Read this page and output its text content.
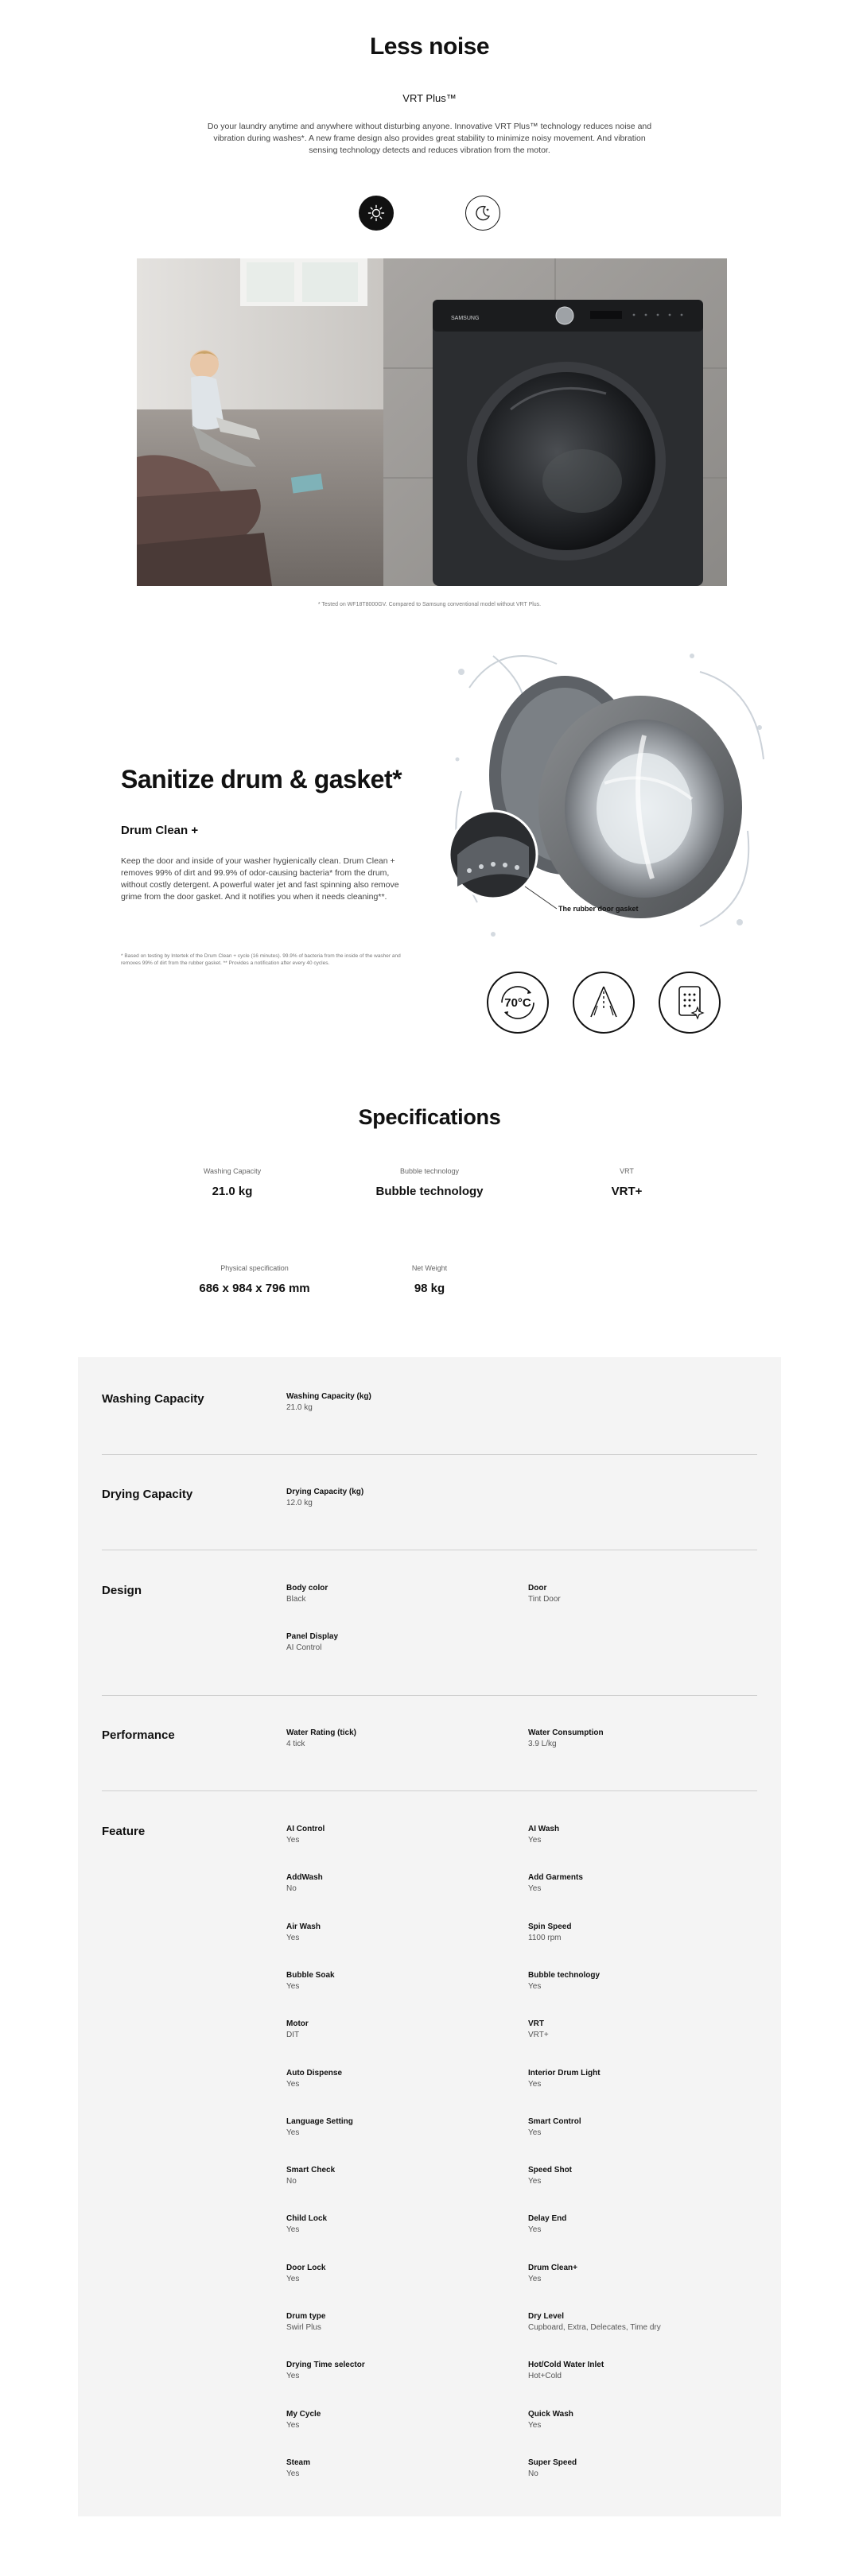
Less noise
VRT Plus™
Do your laundry anytime and anywhere without disturbing anyone. Innovative VRT Plus™ technology reduces noise and vibration during washes*. A new frame design also provides great stability to minimize noisy movement. And vibration sensing technology detects and reduces vibration from the motor.
SAMSUNG
* Tested on WF18T8000GV. Compared to Samsung conventional model without VRT Plus.
Sanitize drum & gasket*
Drum Clean +
Keep the door and inside of your washer hygienically clean. Drum Clean + removes 99% of dirt and 99.9% of odor-causing bacteria* from the drum, without costly detergent. A powerful water jet and fast spinning also remove grime from the door gasket. And it notifies you when it needs cleaning**.
* Based on testing by Intertek of the Drum Clean + cycle (16 minutes). 99.9% of bacteria from the inside of the washer and removes 99% of dirt from the rubber gasket. ** Provides a notification after every 40 cycles.
The rubber door gasket
70°C
Specifications
Washing Capacity
21.0 kg
Bubble technology
Bubble technology
VRT
VRT+
Physical specification
686 x 984 x 796 mm
Net Weight
98 kg
Washing Capacity	Washing Capacity (kg)
21.0 kg
Drying Capacity	Drying Capacity (kg)
12.0 kg
Design	Body color
Black
Door
Tint Door
Panel Display
AI Control
Performance	Water Rating (tick)
4 tick
Water Consumption
3.9 L/kg
Feature	AI Control
Yes
AI Wash
Yes
AddWash
No
Add Garments
Yes
Air Wash
Yes
Spin Speed
1100 rpm
Bubble Soak
Yes
Bubble technology
Yes
Motor
DIT
VRT
VRT+
Auto Dispense
Yes
Interior Drum Light
Yes
Language Setting
Yes
Smart Control
Yes
Smart Check
No
Speed Shot
Yes
Child Lock
Yes
Delay End
Yes
Door Lock
Yes
Drum Clean+
Yes
Drum type
Swirl Plus
Dry Level
Cupboard, Extra, Delecates, Time dry
Drying Time selector
Yes
Hot/Cold Water Inlet
Hot+Cold
My Cycle
Yes
Quick Wash
Yes
Steam
Yes
Super Speed
No
